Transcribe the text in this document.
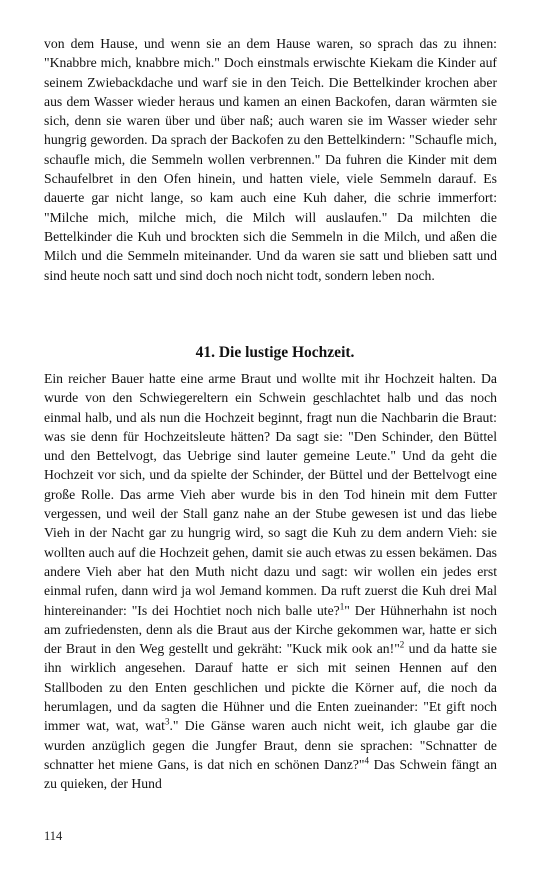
von dem Hause, und wenn sie an dem Hause waren, so sprach das zu ihnen: "Knabbre mich, knabbre mich." Doch einstmals erwischte Kiekam die Kinder auf seinem Zwiebackdache und warf sie in den Teich. Die Bettelkinder krochen aber aus dem Wasser wieder heraus und kamen an einen Backofen, daran wärmten sie sich, denn sie waren über und über naß; auch waren sie im Wasser wieder sehr hungrig geworden. Da sprach der Backofen zu den Bettelkindern: "Schaufle mich, schaufle mich, die Semmeln wollen verbrennen." Da fuhren die Kinder mit dem Schaufelbret in den Ofen hinein, und hatten viele, viele Semmeln darauf. Es dauerte gar nicht lange, so kam auch eine Kuh daher, die schrie immerfort: "Milche mich, milche mich, die Milch will auslaufen." Da milchten die Bettelkinder die Kuh und brockten sich die Semmeln in die Milch, und aßen die Milch und die Semmeln miteinander. Und da waren sie satt und blieben satt und sind heute noch satt und sind doch noch nicht todt, sondern leben noch.

41. Die lustige Hochzeit.

Ein reicher Bauer hatte eine arme Braut und wollte mit ihr Hochzeit halten. Da wurde von den Schwiegereltern ein Schwein geschlachtet halb und das noch einmal halb, und als nun die Hochzeit beginnt, fragt nun die Nachbarin die Braut: was sie denn für Hochzeitsleute hätten? Da sagt sie: "Den Schinder, den Büttel und den Bettelvogt, das Uebrige sind lauter gemeine Leute." Und da geht die Hochzeit vor sich, und da spielte der Schinder, der Büttel und der Bettelvogt eine große Rolle. Das arme Vieh aber wurde bis in den Tod hinein mit dem Futter vergessen, und weil der Stall ganz nahe an der Stube gewesen ist und das liebe Vieh in der Nacht gar zu hungrig wird, so sagt die Kuh zu dem andern Vieh: sie wollten auch auf die Hochzeit gehen, damit sie auch etwas zu essen bekämen. Das andere Vieh aber hat den Muth nicht dazu und sagt: wir wollen ein jedes erst einmal rufen, dann wird ja wol Jemand kommen. Da ruft zuerst die Kuh drei Mal hintereinander: "Is dei Hochtiet noch nich balle ute?$^1$" Der Hühnerhahn ist noch am zufriedensten, denn als die Braut aus der Kirche gekommen war, hatte er sich der Braut in den Weg gestellt und gekräht: "Kuck mik ook an!"$^2$ und da hatte sie ihn wirklich angesehen. Darauf hatte er sich mit seinen Hennen auf den Stallboden zu den Enten geschlichen und pickte die Körner auf, die noch da herumlagen, und da sagten die Hühner und die Enten zueinander: "Et gift noch immer wat, wat, wat$^3$." Die Gänse waren auch nicht weit, ich glaube gar die wurden anzüglich gegen die Jungfer Braut, denn sie sprachen: "Schnatter de schnatter het miene Gans, is dat nich en schönen Danz?"$^4$ Das Schwein fängt an zu quieken, der Hund

114
